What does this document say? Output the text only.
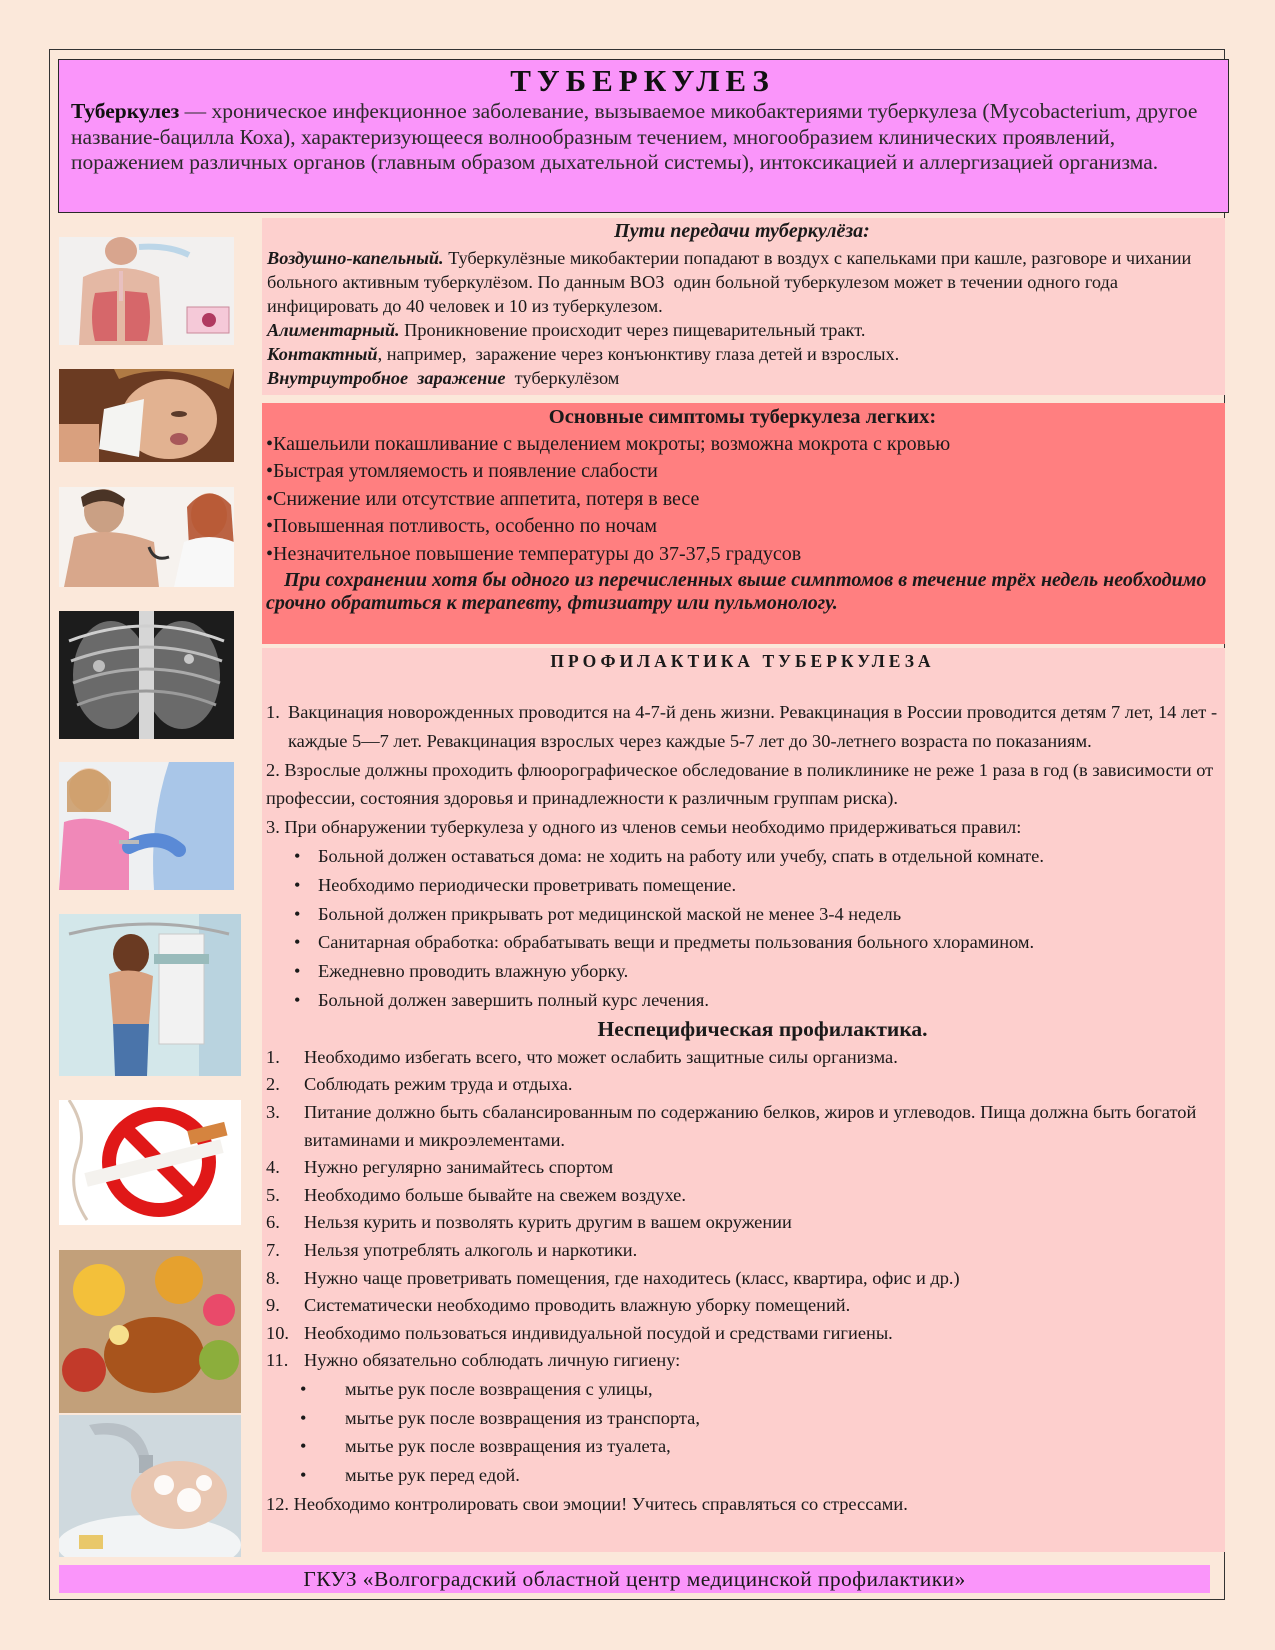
ТУБЕРКУЛЕЗ
Туберкулез — хроническое инфекционное заболевание, вызываемое микобактериями туберкулеза (Mycobacterium, другое название-бацилла Коха), характеризующееся волнообразным течением, многообразием клинических проявлений, поражением различных органов (главным образом дыхательной системы), интоксикацией и аллергизацией организма.
Пути передачи туберкулёза:
Воздушно-капельный. Туберкулёзные микобактерии попадают в воздух с капельками при кашле, разговоре и чихании больного активным туберкулёзом. По данным ВОЗ  один больной туберкулезом может в течении одного года инфицировать до 40 человек и 10 из туберкулезом.
Алиментарный. Проникновение происходит через пищеварительный тракт.
Контактный, например,  заражение через конъюнктиву глаза детей и взрослых.
Внутриутробное  заражение  туберкулёзом
Основные симптомы туберкулеза легких:
•Кашельили покашливание с выделением мокроты; возможна мокрота с кровью
•Быстрая утомляемость и появление слабости
•Снижение или отсутствие аппетита, потеря в весе
•Повышенная потливость, особенно по ночам
•Незначительное повышение температуры до 37-37,5 градусов
При сохранении хотя бы одного из перечисленных выше симптомов в течение трёх недель необходимо срочно обратиться к терапевту, фтизиатру или пульмонологу.
ПРОФИЛАКТИКА ТУБЕРКУЛЕЗА
1. Вакцинация новорожденных проводится на 4-7-й день жизни. Ревакцинация в России проводится детям 7 лет, 14 лет - каждые 5—7 лет. Ревакцинация взрослых через каждые 5-7 лет до 30-летнего возраста по показаниям.
2. Взрослые должны проходить флюорографическое обследование в поликлинике не реже 1 раза в год (в зависимости от профессии, состояния здоровья и принадлежности к различным группам риска).
3. При обнаружении туберкулеза у одного из членов семьи необходимо придерживаться правил:
• Больной должен оставаться дома: не ходить на работу или учебу, спать в отдельной комнате.
• Необходимо периодически проветривать помещение.
• Больной должен прикрывать рот медицинской маской не менее 3-4 недель
• Санитарная обработка: обрабатывать вещи и предметы пользования больного хлорамином.
• Ежедневно проводить влажную уборку.
• Больной должен завершить полный курс лечения.
Неспецифическая профилактика.
1.	Необходимо избегать всего, что может ослабить защитные силы организма.
2.	Соблюдать режим труда и отдыха.
3.	Питание должно быть сбалансированным по содержанию белков, жиров и углеводов. Пища должна быть богатой витаминами и микроэлементами.
4.	Нужно регулярно занимайтесь спортом
5.	Необходимо больше бывайте на свежем воздухе.
6.	Нельзя курить и позволять курить другим в вашем окружении
7.	Нельзя употреблять алкоголь и наркотики.
8.	Нужно чаще проветривать помещения, где находитесь (класс, квартира, офис и др.)
9.	Систематически необходимо проводить влажную уборку помещений.
10. Необходимо пользоваться индивидуальной посудой и средствами гигиены.
11. Нужно обязательно соблюдать личную гигиену:
•	мытье рук после возвращения с улицы,
•	мытье рук после возвращения из транспорта,
•	мытье рук после возвращения из туалета,
•	мытье рук перед едой.
12. Необходимо контролировать свои эмоции! Учитесь справляться со стрессами.
ГКУЗ «Волгоградский областной центр медицинской профилактики»
